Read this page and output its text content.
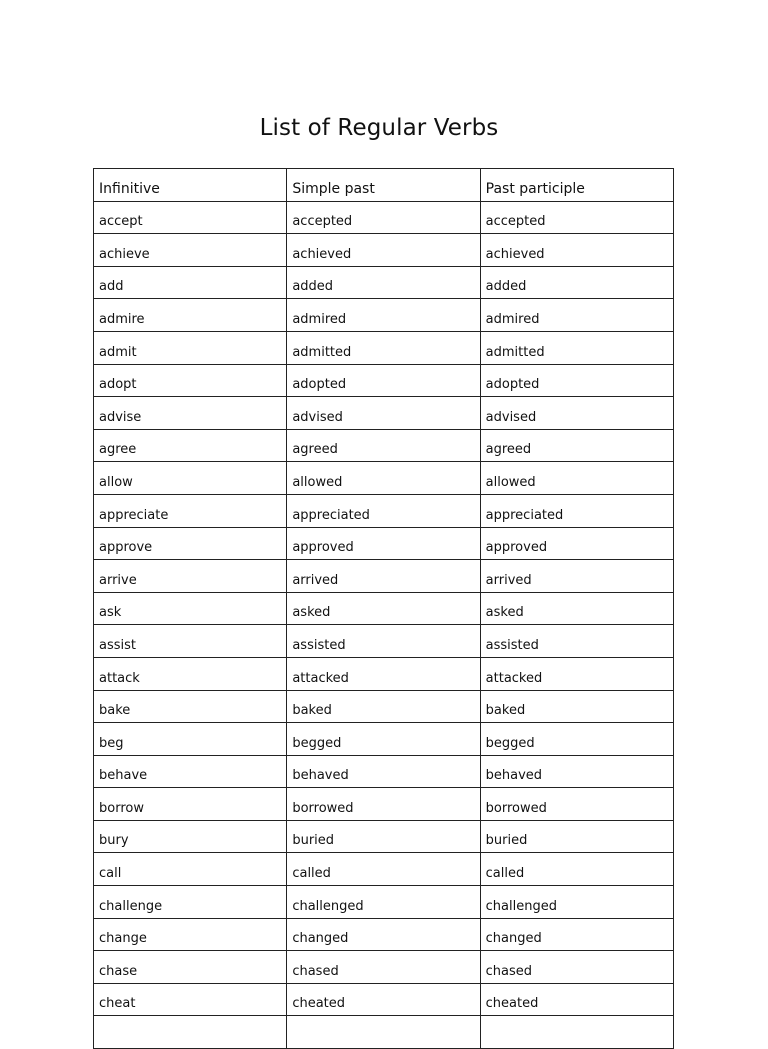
List of Regular Verbs
Infinitive	Simple past	Past participle
accept	accepted	accepted
achieve	achieved	achieved
add	added	added
admire	admired	admired
admit	admitted	admitted
adopt	adopted	adopted
advise	advised	advised
agree	agreed	agreed
allow	allowed	allowed
appreciate	appreciated	appreciated
approve	approved	approved
arrive	arrived	arrived
ask	asked	asked
assist	assisted	assisted
attack	attacked	attacked
bake	baked	baked
beg	begged	begged
behave	behaved	behaved
borrow	borrowed	borrowed
bury	buried	buried
call	called	called
challenge	challenged	challenged
change	changed	changed
chase	chased	chased
cheat	cheated	cheated
